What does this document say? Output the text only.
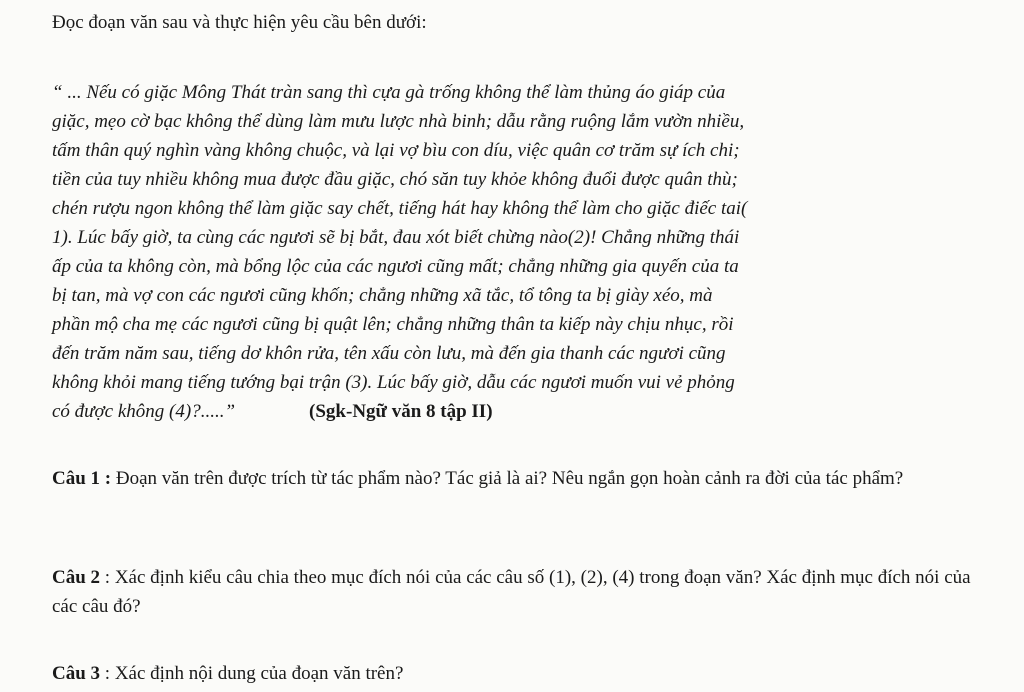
Đọc đoạn văn sau và thực hiện yêu cầu bên dưới:
“ ... Nếu có giặc Mông Thát tràn sang thì cựa gà trống không thể làm thủng áo giáp của
giặc, mẹo cờ bạc không thể dùng làm mưu lược nhà binh; dẫu rằng ruộng lắm vườn nhiều,
tấm thân quý nghìn vàng không chuộc, và lại vợ bìu con díu, việc quân cơ trăm sự ích chi;
tiền của tuy nhiều không mua được đầu giặc, chó săn tuy khỏe không đuổi được quân thù;
chén rượu ngon không thể làm giặc say chết, tiếng hát hay không thể làm cho giặc điếc tai(
1). Lúc bấy giờ, ta cùng các ngươi sẽ bị bắt, đau xót biết chừng nào(2)! Chẳng những thái
ấp của ta không còn, mà bổng lộc của các ngươi cũng mất; chẳng những gia quyến của ta
bị tan, mà vợ con các ngươi cũng khốn; chẳng những xã tắc, tổ tông ta bị giày xéo, mà
phần mộ cha mẹ các ngươi cũng bị quật lên; chẳng những thân ta kiếp này chịu nhục, rồi
đến trăm năm sau, tiếng dơ khôn rửa, tên xấu còn lưu, mà đến gia thanh các ngươi cũng
không khỏi mang tiếng tướng bại trận (3). Lúc bấy giờ, dẫu các ngươi muốn vui vẻ phỏng
có được không (4)?.....”	(Sgk-Ngữ văn 8 tập II)
Câu 1 : Đoạn văn trên được trích từ tác phẩm nào? Tác giả là ai? Nêu ngắn gọn hoàn cảnh ra đời của tác phẩm?
Câu 2 : Xác định kiểu câu chia theo mục đích nói của các câu số (1), (2), (4) trong đoạn văn? Xác định mục đích nói của các câu đó?
Câu 3 : Xác định nội dung của đoạn văn trên?
